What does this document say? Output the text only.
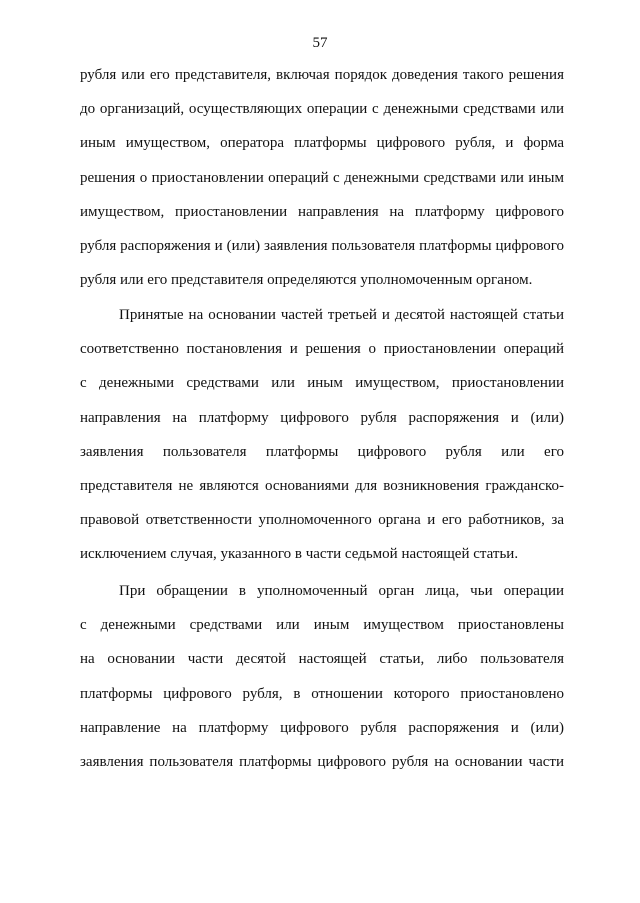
57
рубля или его представителя, включая порядок доведения такого решения
до организаций, осуществляющих операции с денежными средствами или
иным имуществом, оператора платформы цифрового рубля, и форма
решения о приостановлении операций с денежными средствами или иным
имуществом, приостановлении направления на платформу цифрового
рубля распоряжения и (или) заявления пользователя платформы цифрового
рубля или его представителя определяются уполномоченным органом.
Принятые на основании частей третьей и десятой настоящей статьи
соответственно постановления и решения о приостановлении операций
с денежными средствами или иным имуществом, приостановлении
направления на платформу цифрового рубля распоряжения и (или)
заявления пользователя платформы цифрового рубля или его
представителя не являются основаниями для возникновения гражданско-
правовой ответственности уполномоченного органа и его работников, за
исключением случая, указанного в части седьмой настоящей статьи.
При обращении в уполномоченный орган лица, чьи операции
с денежными средствами или иным имуществом приостановлены
на основании части десятой настоящей статьи, либо пользователя
платформы цифрового рубля, в отношении которого приостановлено
направление на платформу цифрового рубля распоряжения и (или)
заявления пользователя платформы цифрового рубля на основании части
